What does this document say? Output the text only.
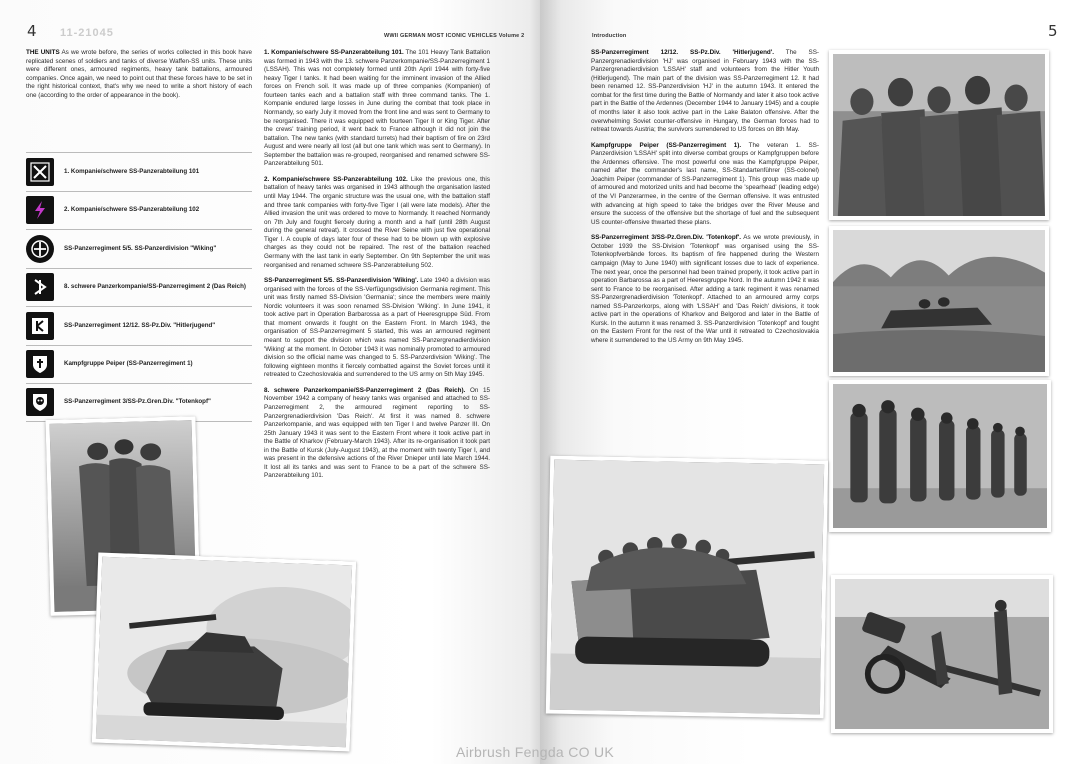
4 11-21045	WWII GERMAN MOST ICONIC VEHICLES Volume 2

THE UNITS As we wrote before, the series of works collected in this book have replicated scenes of soldiers and tanks of diverse Waffen-SS units. These units were different ones, armoured regiments, heavy tank battalions, armoured companies. Once again, we need to point out that these forces have to be set in the right historical context, that's why we need to write a short history of each one (according to the order of appearance in the book).

1. Kompanie/schwere SS-Panzerabteilung 101
2. Kompanie/schwere SS-Panzerabteilung 102
SS-Panzerregiment 5/5. SS-Panzerdivision "Wiking"
8. schwere Panzerkompanie/SS-Panzerregiment 2 (Das Reich)
SS-Panzerregiment 12/12. SS-Pz.Div. "Hitlerjugend"
Kampfgruppe Peiper (SS-Panzerregiment 1)
SS-Panzerregiment 3/SS-Pz.Gren.Div. "Totenkopf"

1. Kompanie/schwere SS-Panzerabteilung 101. The 101 Heavy Tank Battalion was formed in 1943 with the 13. schwere Panzerkompanie/SS-Panzerregiment 1 (LSSAH). This was not completely formed until 20th April 1944 with forty-five heavy Tiger I tanks. It had been waiting for the imminent invasion of the Allied forces on French soil. It was made up of three companies (Kompanien) of fourteen tanks each and a battalion staff with three command tanks. The 1. Kompanie endured large losses in June during the combat that took place in Normandy, so early July it moved from the front line and was sent to Germany to be reorganised. There it was equipped with fourteen Tiger II or King Tiger. After the crews' training period, it went back to France although it did not join the battalion. The new tanks (with standard turrets) had their baptism of fire on 23rd August and were nearly all lost (all but one tank which was sent to Germany). In September the battalion was re-grouped, reorganised and renamed schwere SS-Panzerabteilung 501.

2. Kompanie/schwere SS-Panzerabteilung 102. Like the previous one, this battalion of heavy tanks was organised in 1943 although the organisation lasted until May 1944. The organic structure was the usual one, with the battalion staff and three tank companies with forty-five Tiger I (all were late models). After the Allied invasion the unit was ordered to move to Normandy. It reached Normandy on 7th July and fought fiercely during a month and a half (until 28th August during the general retreat). It crossed the River Seine with just five operational Tiger I. A couple of days later four of these had to be blown up with explosive charges as they could not be repaired. The rest of the battalion reached Germany with the last tank in early September. On 9th September the unit was reorganised and renamed schwere SS-Panzerabteilung 502.

SS-Panzerregiment 5/5. SS-Panzerdivision 'Wiking'. Late 1940 a division was organised with the forces of the SS-Verfügungsdivision Germania regiment. This unit was firstly named SS-Division 'Germania'; since the members were mainly Nordic volunteers it was soon renamed SS-Division 'Wiking'. In June 1941, it took active part in Operation Barbarossa as a part of Heeresgruppe Süd. From that moment onwards it fought on the Eastern Front. In March 1943, the organisation of SS-Panzerregiment 5 started, this was an armoured regiment meant to support the division which was named SS-Panzergrenadierdivision 'Wiking' at the moment. In October 1943 it was nominally promoted to armoured division so the official name was changed to 5. SS-Panzerdivision 'Wiking'. The following eighteen months it fiercely combatted against the Soviet forces until it retreated to Czechoslovakia and surrendered to the US army on 5th May 1945.

8. schwere Panzerkompanie/SS-Panzerregiment 2 (Das Reich). On 15 November 1942 a company of heavy tanks was organised and attached to SS-Panzerregiment 2, the armoured regiment reporting to SS-Panzergrenadierdivision 'Das Reich'. At first it was named 8. schwere Panzerkompanie, and was equipped with ten Tiger I and twelve Panzer III. On 25th January 1943 it was sent to the Eastern Front where it took active part in the Battle of Kharkov (February-March 1943). After its re-organisation it took part in the Battle of Kursk (July-August 1943), at the moment with twenty Tiger I, and was present in the defensive actions of the River Dnieper until late March 1944. It lost all its tanks and was sent to France to be a part of the schwere SS-Panzerabteilung 101.

5
Introduction

SS-Panzerregiment 12/12. SS-Pz.Div. 'Hitlerjugend'. The SS-Panzergrenadierdivision 'HJ' was organised in February 1943 with the SS-Panzergrenadierdivision 'LSSAH' staff and volunteers from the Hitler Youth (Hitlerjugend). The main part of the division was SS-Panzerregiment 12. It had been renamed 12. SS-Panzerdivision 'HJ' in the autumn 1943. It entered the combat for the first time during the Battle of Normandy and later it also took active part in the Battle of the Ardennes (December 1944 to January 1945) and a couple of months later it also took active part in the Lake Balaton offensive. After the overwhelming Soviet counter-offensive in Hungary, the German forces had to retreat towards Austria; the survivors surrendered to US forces on 8th May.

Kampfgruppe Peiper (SS-Panzerregiment 1). The veteran 1. SS-Panzerdivision 'LSSAH' split into diverse combat groups or Kampfgruppen before the Ardennes offensive. The most powerful one was the Kampfgruppe Peiper, named after the commander's last name, SS-Standartenführer (SS-colonel) Joachim Peiper (commander of SS-Panzerregiment 1). This group was made up of armoured and motorized units and had become the 'spearhead' (leading edge) of the VI Panzerarmee, in the centre of the German offensive. It was entrusted with advancing at high speed to take the bridges over the River Meuse and ensure the success of the offensive but the shortage of fuel and the subsequent US counter-offensive thwarted these plans.

SS-Panzerregiment 3/SS-Pz.Gren.Div. 'Totenkopf'. As we wrote previously, in October 1939 the SS-Division 'Totenkopf' was organised using the SS-Totenkopfverbände forces. Its baptism of fire happened during the Western campaign (May to June 1940) with significant losses due to lack of experience. The next year, once the personnel had been trained properly, it took active part in operation Barbarossa as a part of Heeresgruppe Nord. In the autumn 1942 it was sent to France to be reorganised. After adding a tank regiment it was renamed SS-Panzergrenadierdivision 'Totenkopf'. Attached to an armoured army corps named SS-Panzerkorps, along with 'LSSAH' and 'Das Reich' divisions, it took active part in the operations of Kharkov and Belgorod and later in the Battle of Kursk. In the autumn it was renamed 3. SS-Panzerdivision 'Totenkopf' and fought on the Eastern Front for the rest of the War until it retreated to Czechoslovakia where it surrendered to the US Army on 9th May 1945.

Airbrush Fengda CO UK
